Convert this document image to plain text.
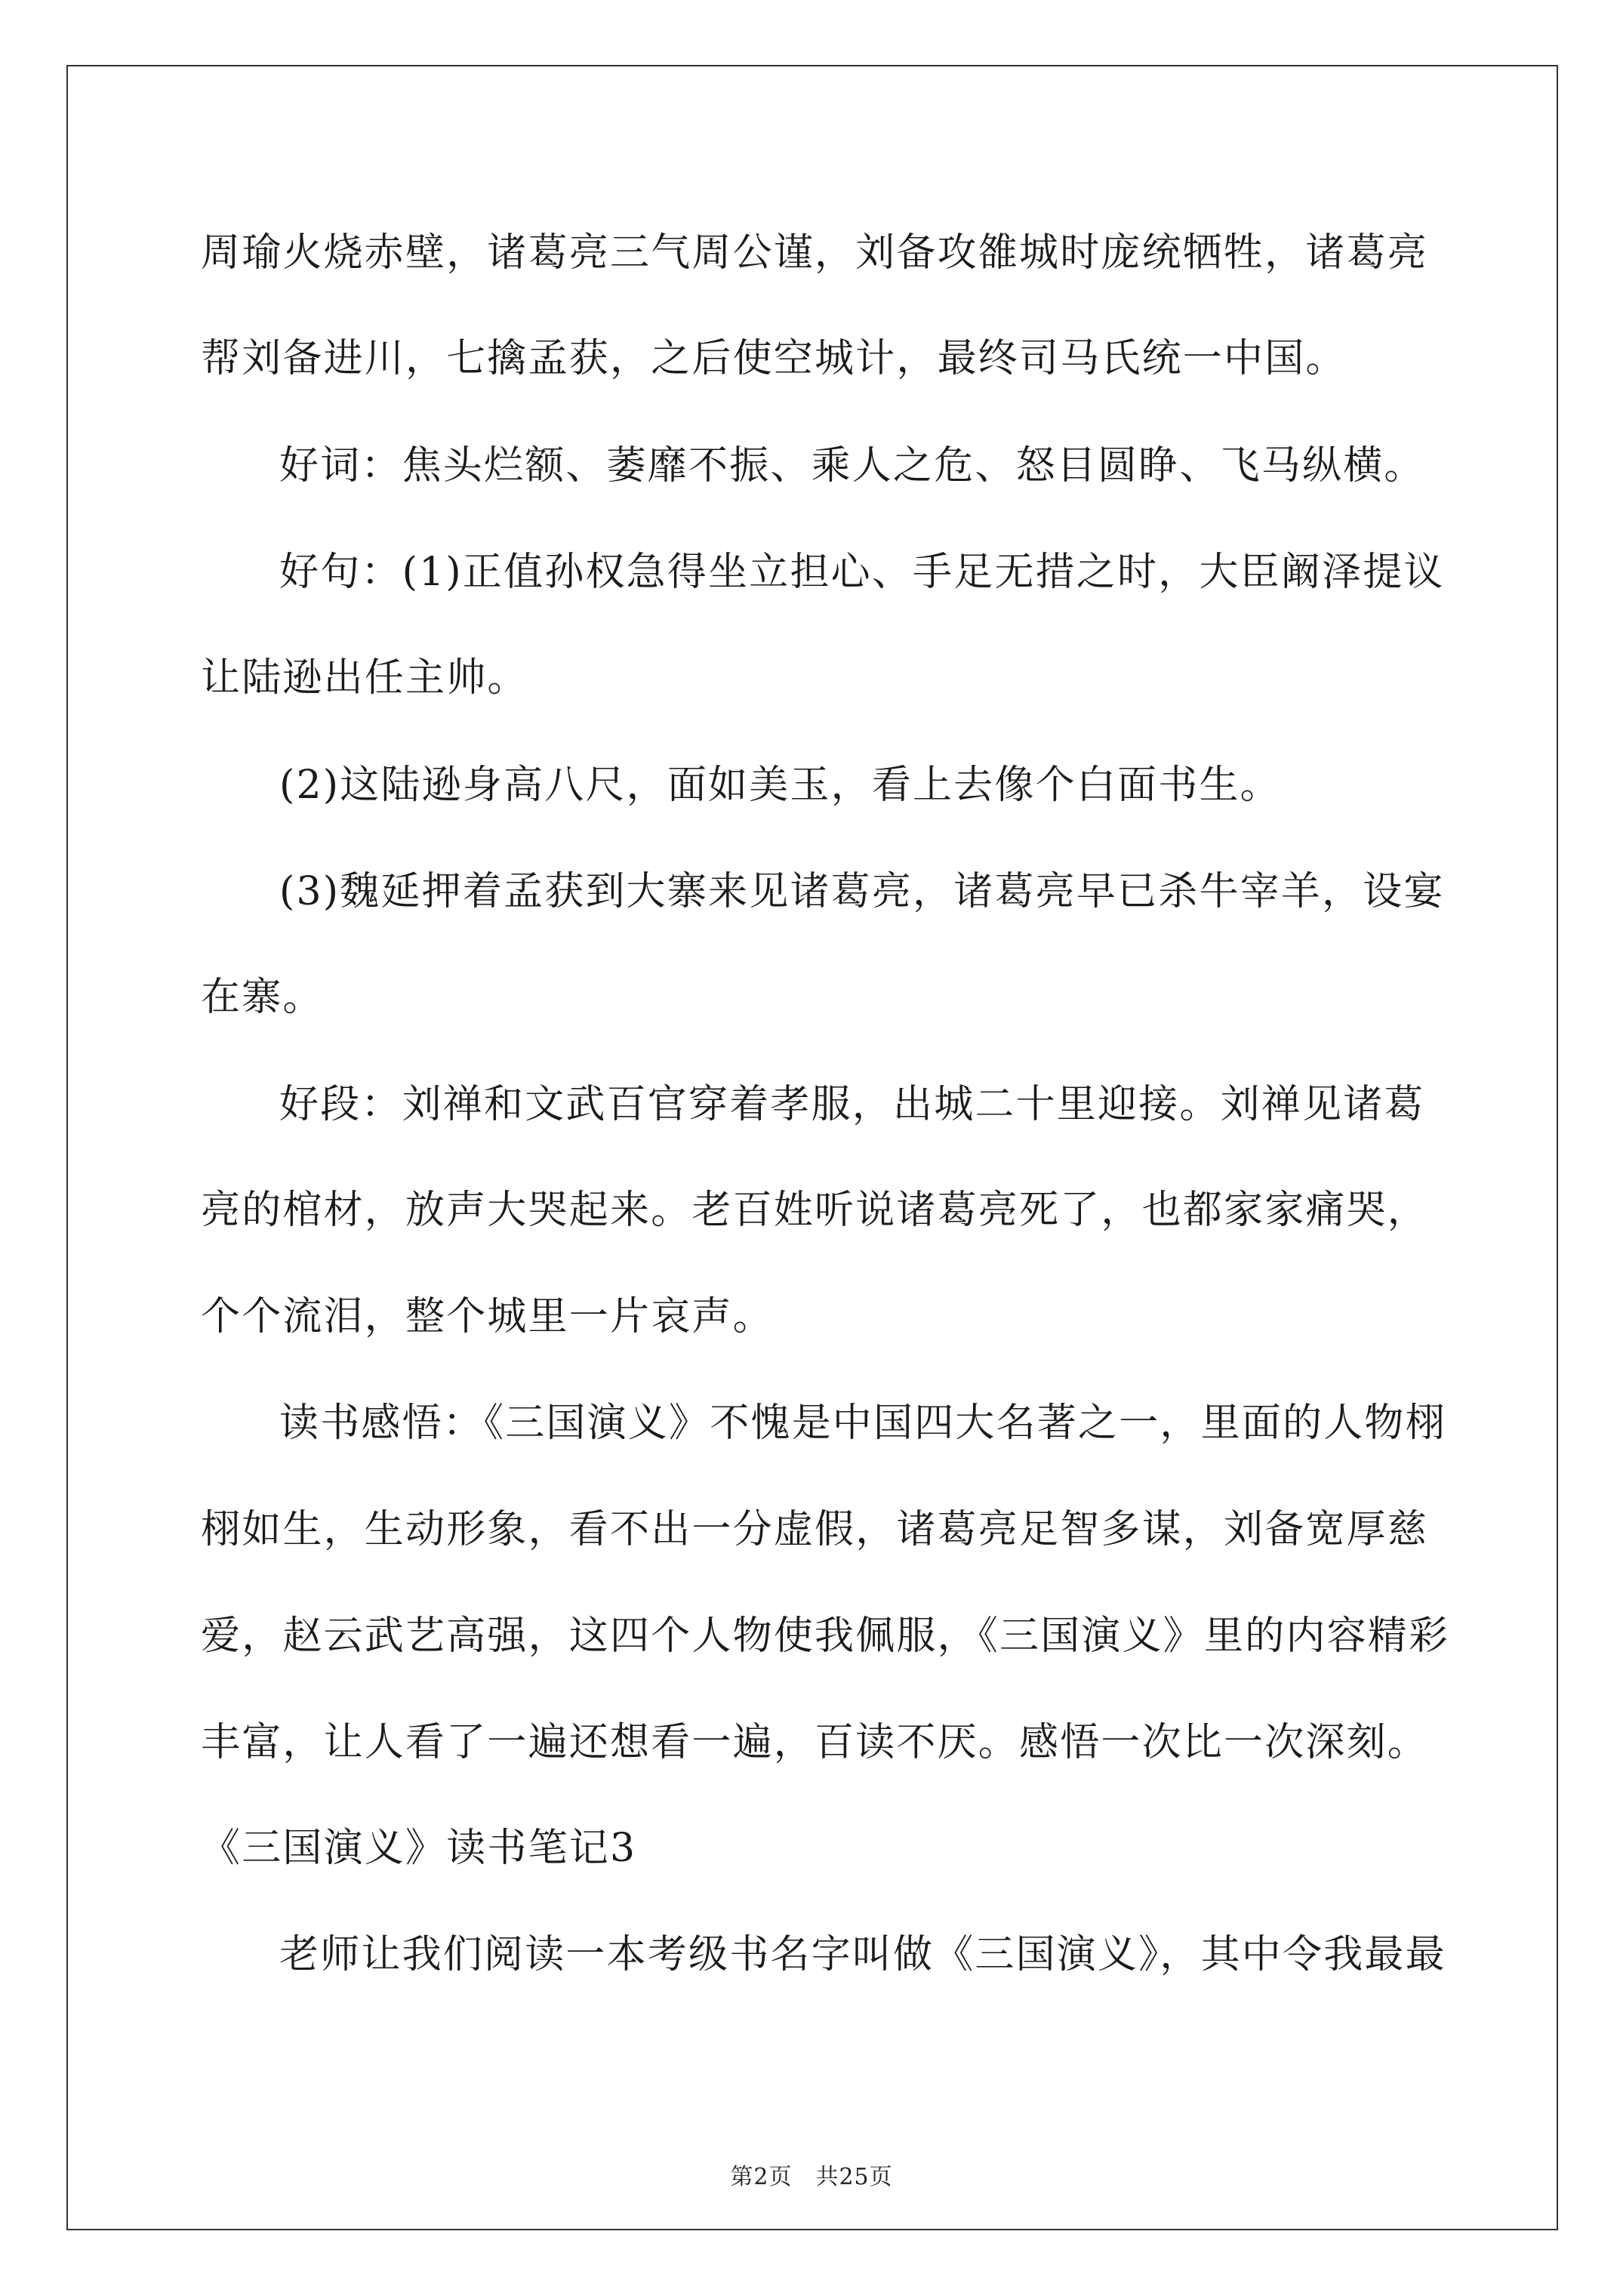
周瑜火烧赤壁，诸葛亮三气周公谨，刘备攻雒城时庞统牺牲，诸葛亮
帮刘备进川，七擒孟获，之后使空城计，最终司马氏统一中国。
好词：焦头烂额、萎靡不振、乘人之危、怒目圆睁、飞马纵横。
好句：(1)正值孙权急得坐立担心、手足无措之时，大臣阚泽提议
让陆逊出任主帅。
(2)这陆逊身高八尺，面如美玉，看上去像个白面书生。
(3)魏延押着孟获到大寨来见诸葛亮，诸葛亮早已杀牛宰羊，设宴
在寨。
好段：刘禅和文武百官穿着孝服，出城二十里迎接。刘禅见诸葛
亮的棺材，放声大哭起来。老百姓听说诸葛亮死了，也都家家痛哭，
个个流泪，整个城里一片哀声。
读书感悟：《三国演义》不愧是中国四大名著之一，里面的人物栩
栩如生，生动形象，看不出一分虚假，诸葛亮足智多谋，刘备宽厚慈
爱，赵云武艺高强，这四个人物使我佩服，《三国演义》里的内容精彩
丰富，让人看了一遍还想看一遍，百读不厌。感悟一次比一次深刻。
《三国演义》读书笔记3
老师让我们阅读一本考级书名字叫做《三国演义》，其中令我最最
第2页　共25页
